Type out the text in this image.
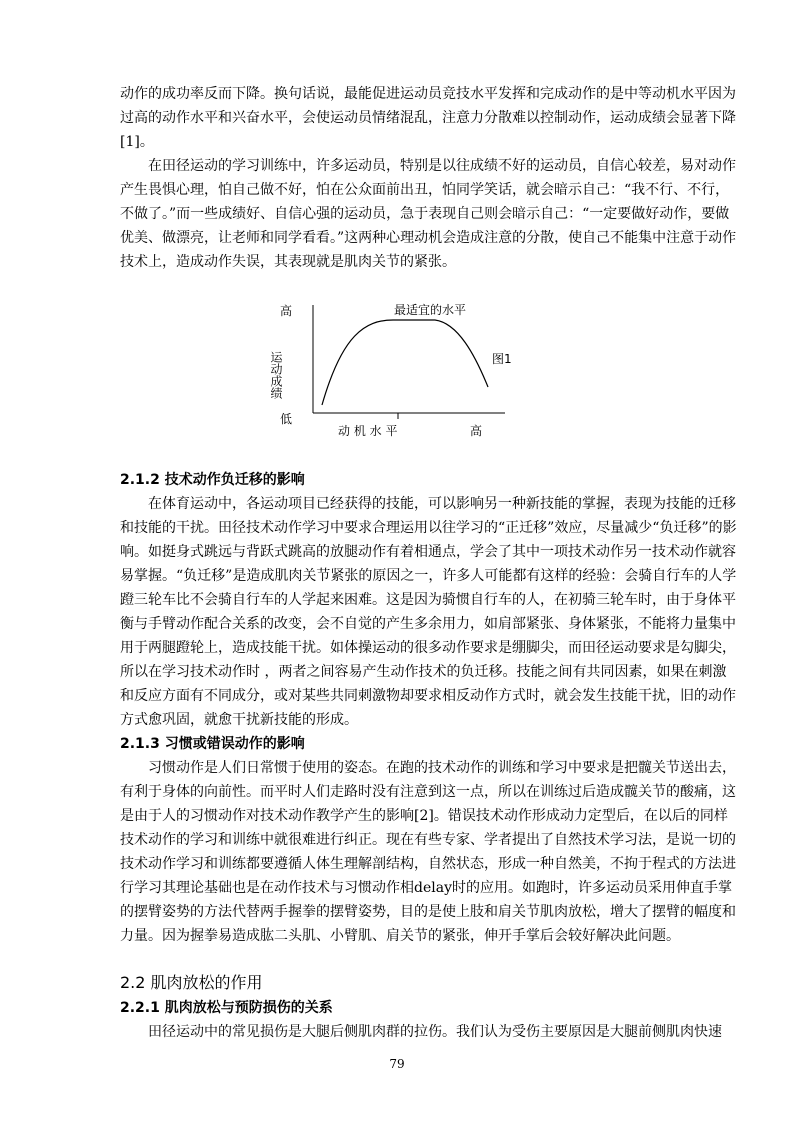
动作的成功率反而下降。换句话说，最能促进运动员竞技水平发挥和完成动作的是中等动机水平因为过高的动作水平和兴奋水平，会使运动员情绪混乱，注意力分散难以控制动作，运动成绩会显著下降[1]。

在田径运动的学习训练中，许多运动员，特别是以往成绩不好的运动员，自信心较差，易对动作产生畏惧心理，怕自己做不好，怕在公众面前出丑，怕同学笑话，就会暗示自己：“我不行、不行，不做了。”而一些成绩好、自信心强的运动员，急于表现自己则会暗示自己：“一定要做好动作，要做优美、做漂亮，让老师和同学看看。”这两种心理动机会造成注意的分散，使自己不能集中注意于动作技术上，造成动作失误，其表现就是肌肉关节的紧张。

高
低
运动成绩
最适宜的水平
图1
动 机 水 平	高

2.1.2 技术动作负迁移的影响

在体育运动中，各运动项目已经获得的技能，可以影响另一种新技能的掌握，表现为技能的迁移和技能的干扰。田径技术动作学习中要求合理运用以往学习的“正迁移”效应，尽量减少“负迁移”的影响。如挺身式跳远与背跃式跳高的放腿动作有着相通点，学会了其中一项技术动作另一技术动作就容易掌握。“负迁移”是造成肌肉关节紧张的原因之一，许多人可能都有这样的经验：会骑自行车的人学蹬三轮车比不会骑自行车的人学起来困难。这是因为骑惯自行车的人，在初骑三轮车时，由于身体平衡与手臂动作配合关系的改变，会不自觉的产生多余用力，如肩部紧张、身体紧张，不能将力量集中用于两腿蹬轮上，造成技能干扰。如体操运动的很多动作要求是绷脚尖，而田径运动要求是勾脚尖，所以在学习技术动作时 ，两者之间容易产生动作技术的负迁移。技能之间有共同因素，如果在刺激和反应方面有不同成分，或对某些共同刺激物却要求相反动作方式时，就会发生技能干扰，旧的动作方式愈巩固，就愈干扰新技能的形成。

2.1.3 习惯或错误动作的影响

习惯动作是人们日常惯于使用的姿态。在跑的技术动作的训练和学习中要求是把髋关节送出去，有利于身体的向前性。而平时人们走路时没有注意到这一点，所以在训练过后造成髋关节的酸痛，这是由于人的习惯动作对技术动作教学产生的影响[2]。错误技术动作形成动力定型后，在以后的同样技术动作的学习和训练中就很难进行纠正。现在有些专家、学者提出了自然技术学习法，是说一切的技术动作学习和训练都要遵循人体生理解剖结构，自然状态，形成一种自然美，不拘于程式的方法进行学习其理论基础也是在动作技术与习惯动作相delay时的应用。如跑时，许多运动员采用伸直手掌的摆臂姿势的方法代替两手握拳的摆臂姿势，目的是使上肢和肩关节肌肉放松，增大了摆臂的幅度和力量。因为握拳易造成肱二头肌、小臂肌、肩关节的紧张，伸开手掌后会较好解决此问题。

2.2 肌肉放松的作用

2.2.1 肌肉放松与预防损伤的关系

田径运动中的常见损伤是大腿后侧肌肉群的拉伤。我们认为受伤主要原因是大腿前侧肌肉快速

79
